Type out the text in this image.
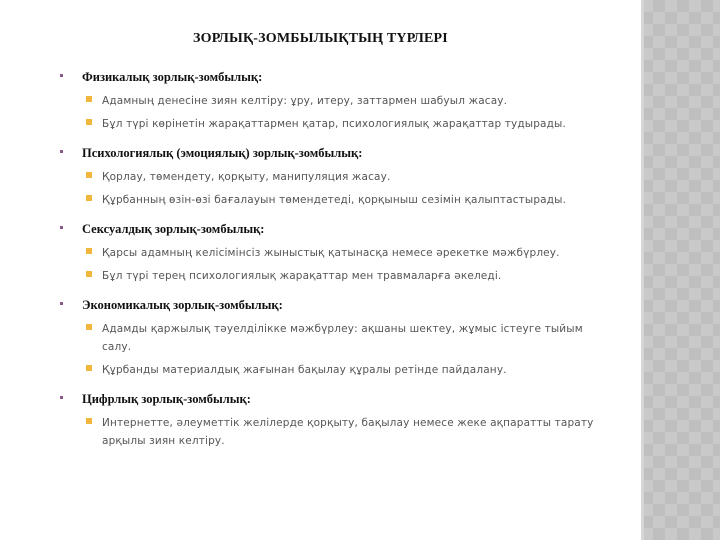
ЗОРЛЫҚ-ЗОМБЫЛЫҚТЫҢ ТҮРЛЕРІ
Физикалық зорлық-зомбылық:
Адамның денесіне зиян келтіру: ұру, итеру, заттармен шабуыл жасау.
Бұл түрі көрінетін жарақаттармен қатар, психологиялық жарақаттар тудырады.
Психологиялық (эмоциялық) зорлық-зомбылық:
Қорлау, төмендету, қорқыту, манипуляция жасау.
Құрбанның өзін-өзі бағалауын төмендетеді, қорқыныш сезімін қалыптастырады.
Сексуалдық зорлық-зомбылық:
Қарсы адамның келісімінсіз жыныстық қатынасқа немесе әрекетке мәжбүрлеу.
Бұл түрі терең психологиялық жарақаттар мен травмаларға әкеледі.
Экономикалық зорлық-зомбылық:
Адамды қаржылық тәуелділікке мәжбүрлеу: ақшаны шектеу, жұмыс істеуге тыйым салу.
Құрбанды материалдық жағынан бақылау құралы ретінде пайдалану.
Цифрлық зорлық-зомбылық:
Интернетте, әлеуметтік желілерде қорқыту, бақылау немесе жеке ақпаратты тарату арқылы зиян келтіру.
